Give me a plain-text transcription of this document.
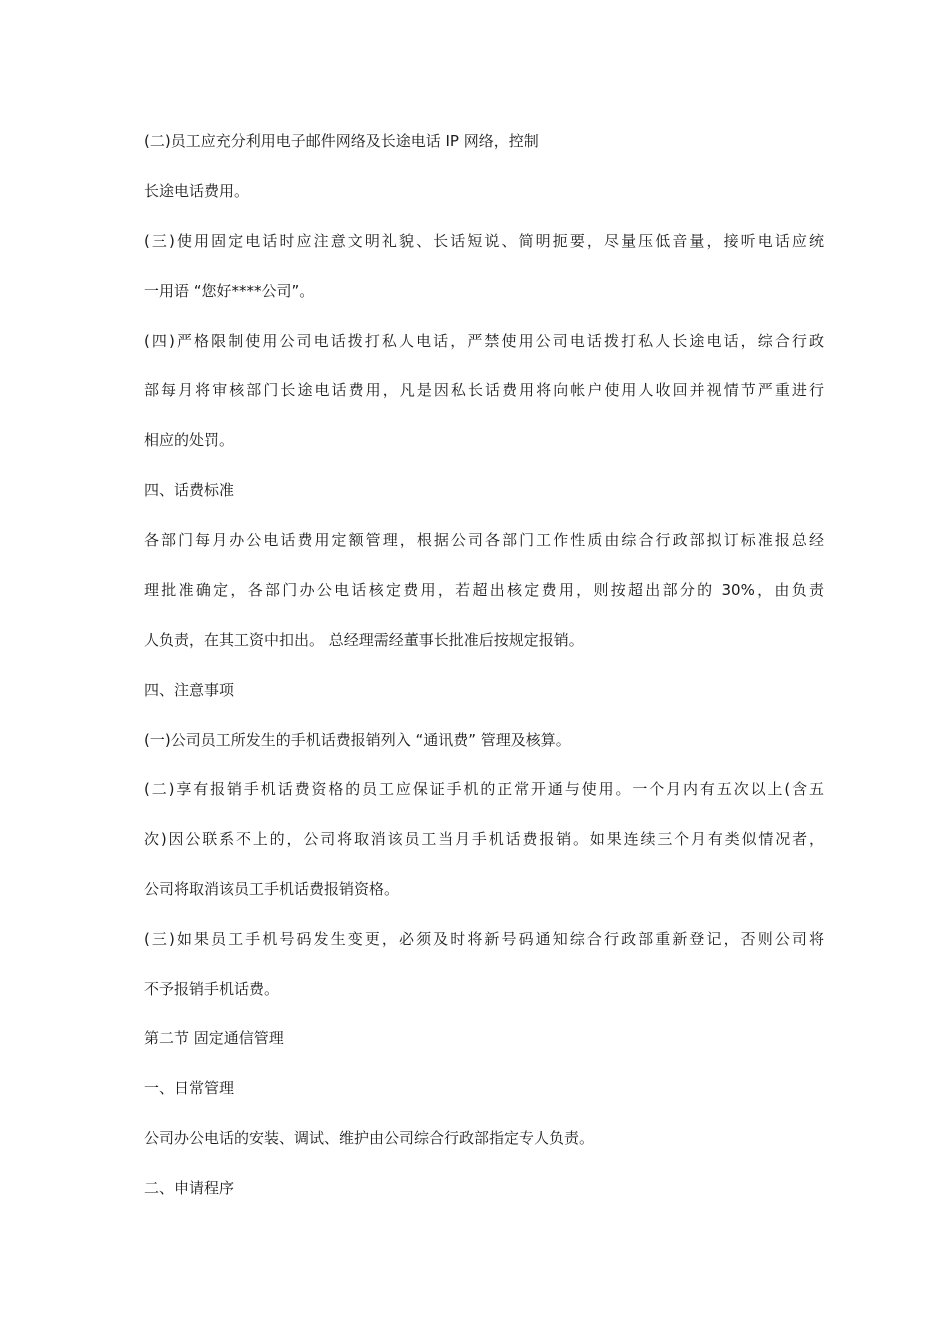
(二)员工应充分利用电子邮件网络及长途电话 IP 网络，控制

长途电话费用。

(三)使用固定电话时应注意文明礼貌、长话短说、简明扼要，尽量压低音量，接听电话应统

一用语 “您好****公司”。

(四)严格限制使用公司电话拨打私人电话，严禁使用公司电话拨打私人长途电话，综合行政

部每月将审核部门长途电话费用，凡是因私长话费用将向帐户使用人收回并视情节严重进行

相应的处罚。

四、话费标准

各部门每月办公电话费用定额管理，根据公司各部门工作性质由综合行政部拟订标准报总经

理批准确定，各部门办公电话核定费用，若超出核定费用，则按超出部分的 30%，由负责

人负责，在其工资中扣出。 总经理需经董事长批准后按规定报销。

四、注意事项

(一)公司员工所发生的手机话费报销列入 “通讯费” 管理及核算。

(二)享有报销手机话费资格的员工应保证手机的正常开通与使用。一个月内有五次以上(含五

次)因公联系不上的，公司将取消该员工当月手机话费报销。如果连续三个月有类似情况者，

公司将取消该员工手机话费报销资格。

(三)如果员工手机号码发生变更，必须及时将新号码通知综合行政部重新登记，否则公司将

不予报销手机话费。

第二节 固定通信管理

一、日常管理

公司办公电话的安装、调试、维护由公司综合行政部指定专人负责。

二、申请程序
